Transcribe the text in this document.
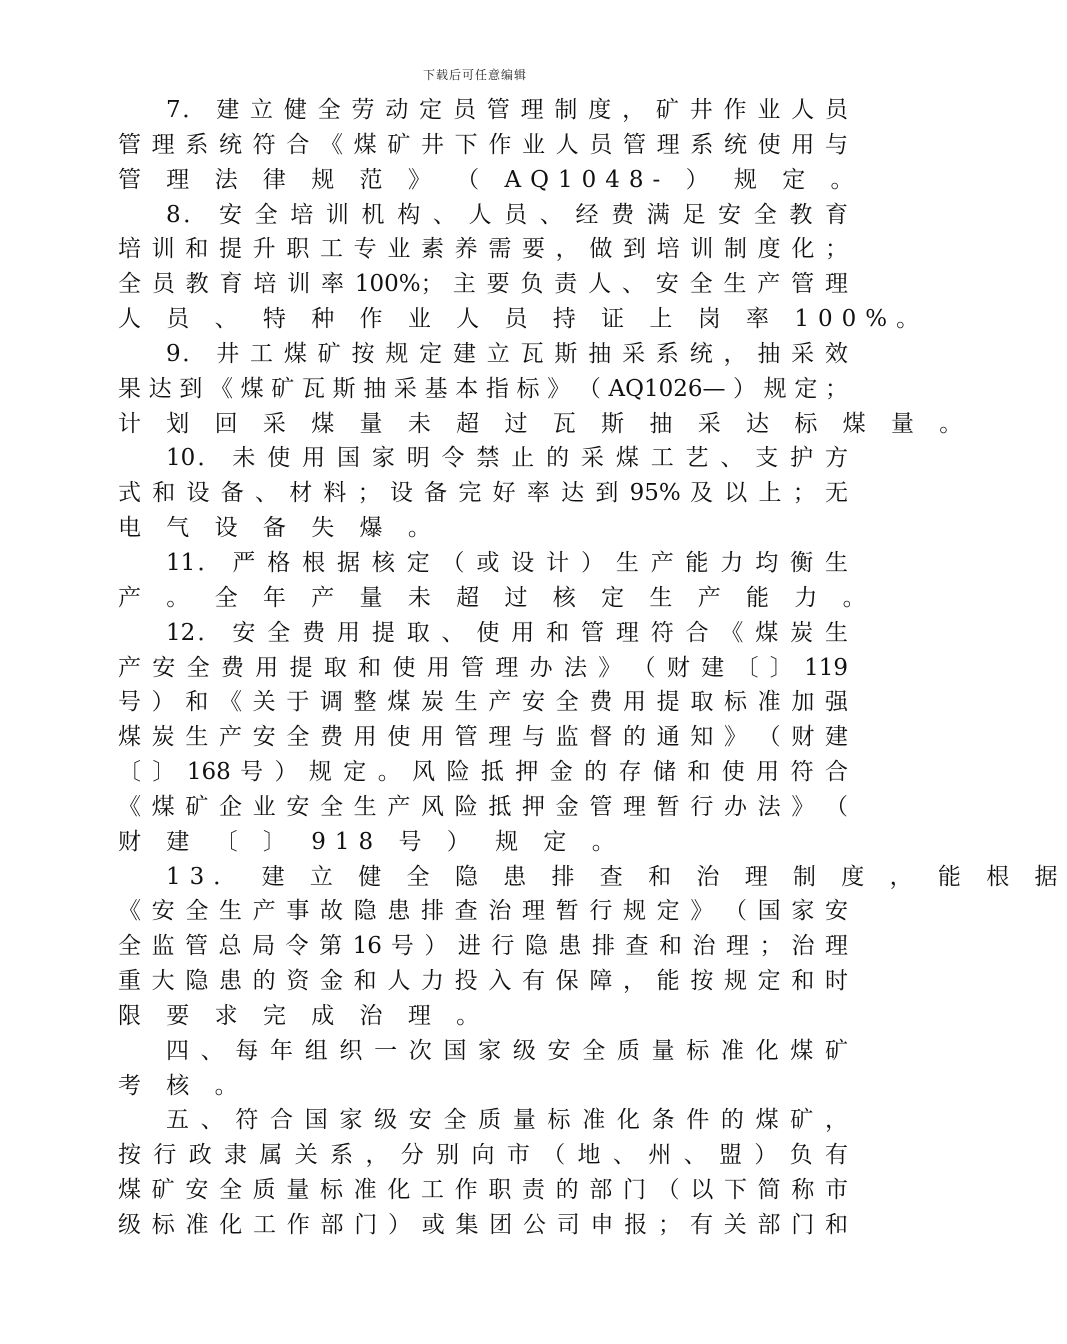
下载后可任意编辑
7． 建 立 健 全 劳 动 定 员 管 理 制 度 ， 矿 井 作 业 人 员
管 理 系 统 符 合 《 煤 矿 井 下 作 业 人 员 管 理 系 统 使 用 与
管 理 法 律 规 范 》 （ AQ1048- ） 规 定 。
8． 安 全 培 训 机 构 、 人 员 、 经 费 满 足 安 全 教 育
培 训 和 提 升 职 工 专 业 素 养 需 要 ， 做 到 培 训 制 度 化 ；
全 员 教 育 培 训 率 100%； 主 要 负 责 人 、 安 全 生 产 管 理
人 员 、 特 种 作 业 人 员 持 证 上 岗 率 100%。
9． 井 工 煤 矿 按 规 定 建 立 瓦 斯 抽 采 系 统 ， 抽 采 效
果 达 到 《 煤 矿 瓦 斯 抽 采 基 本 指 标 》 （ AQ1026— ） 规 定 ；
计 划 回 采 煤 量 未 超 过 瓦 斯 抽 采 达 标 煤 量 。
10． 未 使 用 国 家 明 令 禁 止 的 采 煤 工 艺 、 支 护 方
式 和 设 备 、 材 料 ； 设 备 完 好 率 达 到 95% 及 以 上 ； 无
电 气 设 备 失 爆 。
11． 严 格 根 据 核 定 （ 或 设 计 ） 生 产 能 力 均 衡 生
产 。 全 年 产 量 未 超 过 核 定 生 产 能 力 。
12． 安 全 费 用 提 取 、 使 用 和 管 理 符 合 《 煤 炭 生
产 安 全 费 用 提 取 和 使 用 管 理 办 法 》 （ 财 建 〔 〕 119
号 ） 和 《 关 于 调 整 煤 炭 生 产 安 全 费 用 提 取 标 准 加 强
煤 炭 生 产 安 全 费 用 使 用 管 理 与 监 督 的 通 知 》 （ 财 建
〔 〕 168 号 ） 规 定 。 风 险 抵 押 金 的 存 储 和 使 用 符 合
《 煤 矿 企 业 安 全 生 产 风 险 抵 押 金 管 理 暂 行 办 法 》 （
财 建 〔 〕 918 号 ） 规 定 。
13． 建 立 健 全 隐 患 排 查 和 治 理 制 度 ， 能 根 据
《 安 全 生 产 事 故 隐 患 排 查 治 理 暂 行 规 定 》 （ 国 家 安
全 监 管 总 局 令 第 16 号 ） 进 行 隐 患 排 查 和 治 理 ； 治 理
重 大 隐 患 的 资 金 和 人 力 投 入 有 保 障 ， 能 按 规 定 和 时
限 要 求 完 成 治 理 。
四 、 每 年 组 织 一 次 国 家 级 安 全 质 量 标 准 化 煤 矿
考 核 。
五 、 符 合 国 家 级 安 全 质 量 标 准 化 条 件 的 煤 矿 ，
按 行 政 隶 属 关 系 ， 分 别 向 市 （ 地 、 州 、 盟 ） 负 有
煤 矿 安 全 质 量 标 准 化 工 作 职 责 的 部 门 （ 以 下 简 称 市
级 标 准 化 工 作 部 门 ） 或 集 团 公 司 申 报 ； 有 关 部 门 和
